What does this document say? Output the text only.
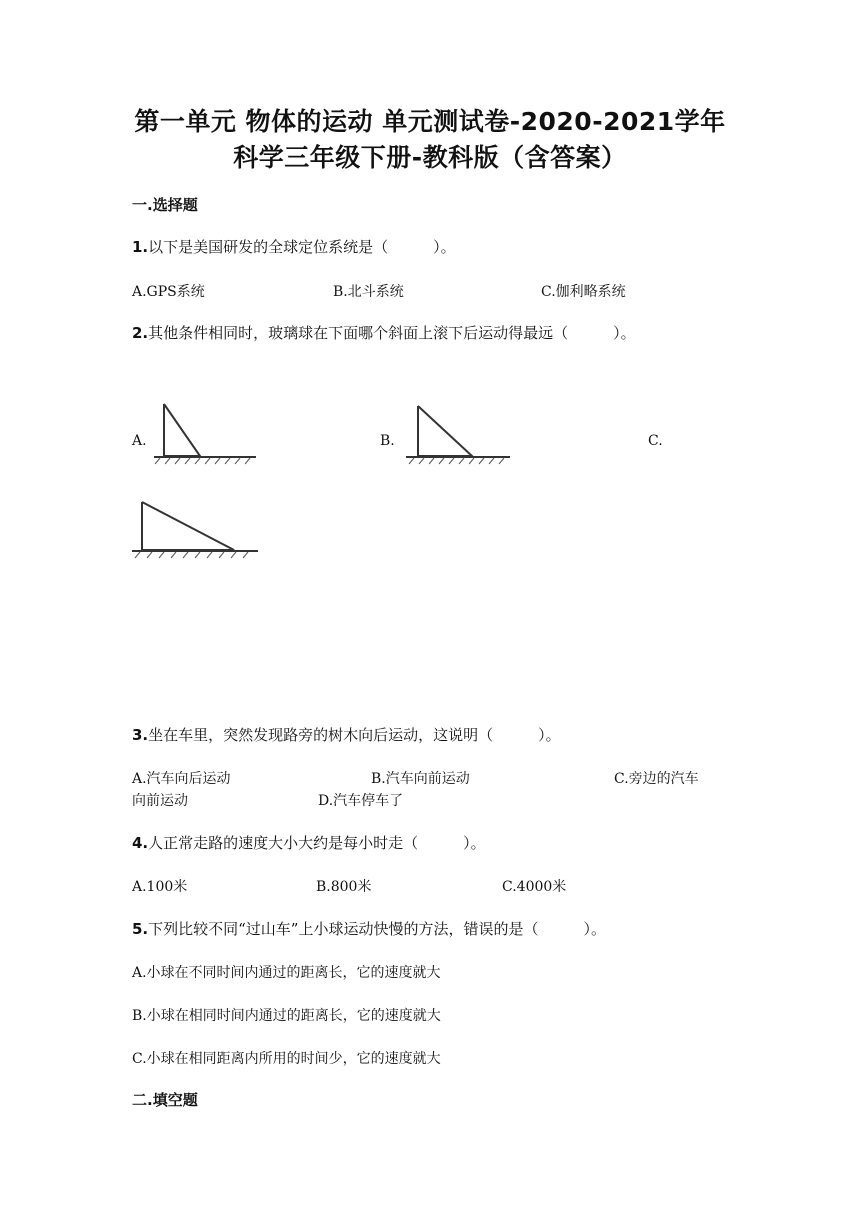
第一单元 物体的运动 单元测试卷-2020-2021学年
科学三年级下册-教科版（含答案）
一.选择题
1.以下是美国研发的全球定位系统是（　　　）。
A.GPS系统	B.北斗系统	C.伽利略系统
2.其他条件相同时，玻璃球在下面哪个斜面上滚下后运动得最远（　　　）。
A.	B.	C.
3.坐在车里，突然发现路旁的树木向后运动，这说明（　　　）。
A.汽车向后运动	B.汽车向前运动	C.旁边的汽车
向前运动	D.汽车停车了
4.人正常走路的速度大小大约是每小时走（　　　）。
A.100米	B.800米	C.4000米
5.下列比较不同“过山车”上小球运动快慢的方法，错误的是（　　　）。
A.小球在不同时间内通过的距离长，它的速度就大
B.小球在相同时间内通过的距离长，它的速度就大
C.小球在相同距离内所用的时间少，它的速度就大
二.填空题
